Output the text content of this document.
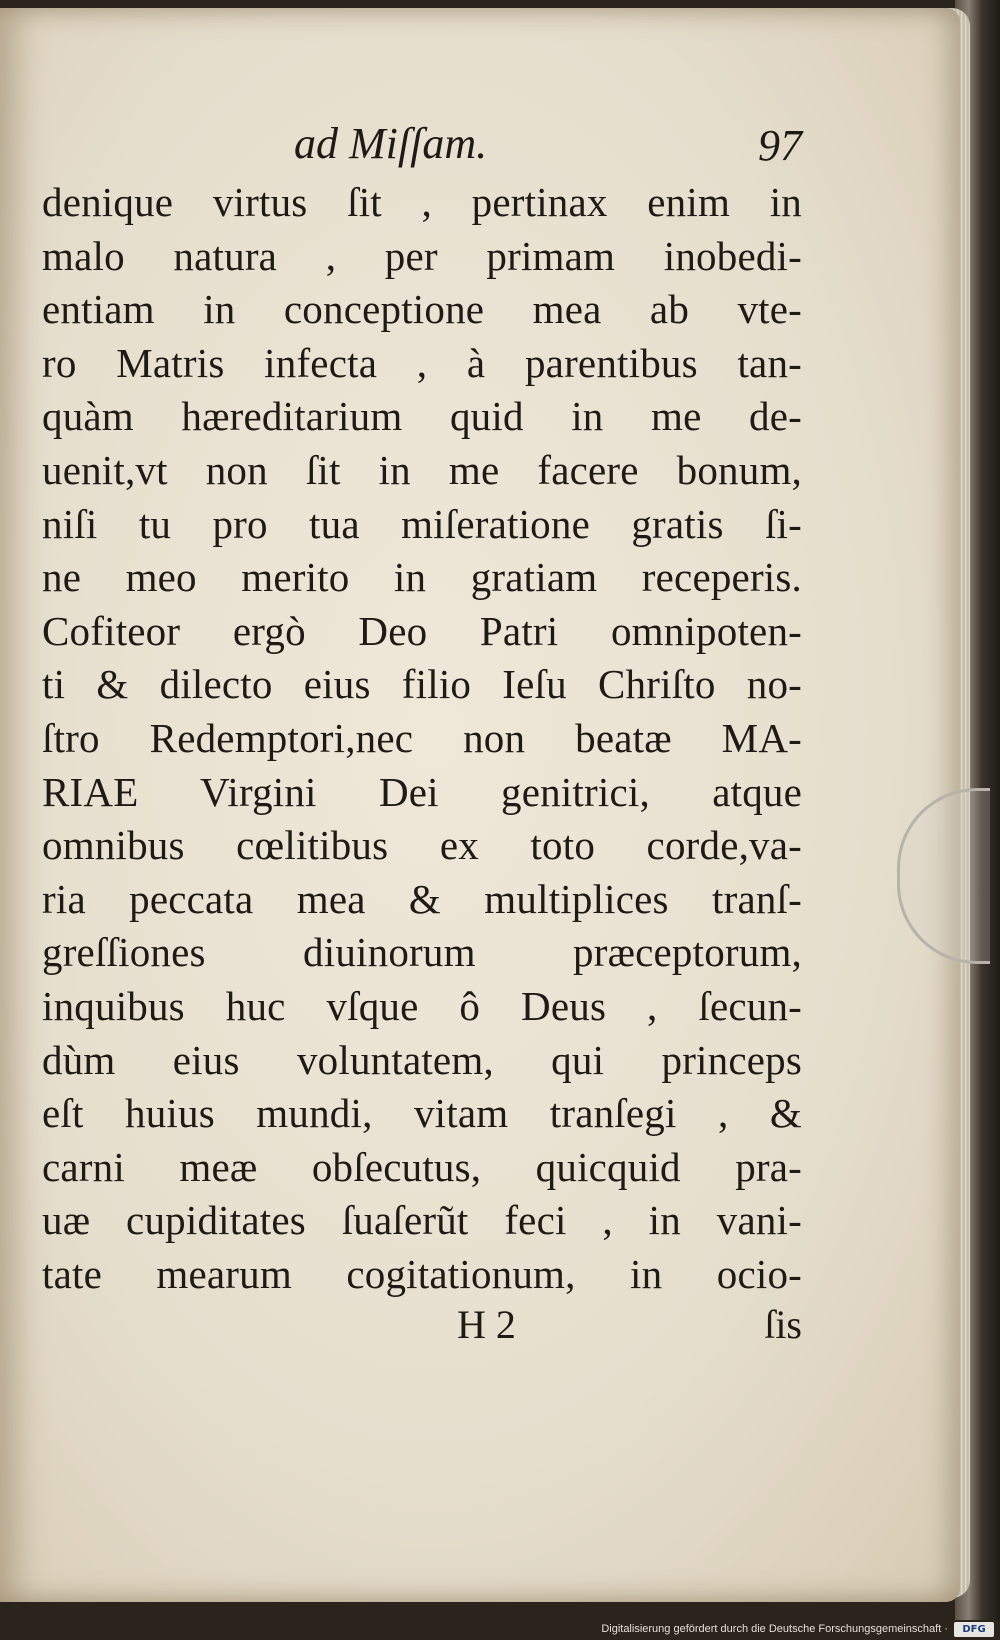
ad Miſſam.	97
denique virtus ſit , pertinax enim in
malo natura , per primam inobedi-
entiam in conceptione mea ab vte-
ro Matris infecta , à parentibus tan-
quàm hæreditarium quid in me de-
uenit,vt non ſit in me facere bonum,
niſi tu pro tua miſeratione gratis ſi-
ne meo merito in gratiam receperis.
Cofiteor ergò Deo Patri omnipoten-
ti & dilecto eius filio Ieſu Chriſto no-
ſtro Redemptori,nec non beatæ MA-
RIAE Virgini Dei genitrici, atque
omnibus cœlitibus ex toto corde,va-
ria peccata mea & multiplices tranſ-
greſſiones diuinorum præceptorum,
inquibus huc vſque ô Deus , ſecun-
dùm eius voluntatem, qui princeps
eſt huius mundi, vitam tranſegi , &
carni meæ obſecutus, quicquid pra-
uæ cupiditates ſuaſerũt feci , in vani-
tate mearum cogitationum, in ocio-
H 2	ſis
Digitalisierung gefördert durch die Deutsche Forschungsgemeinschaft ·	DFG
